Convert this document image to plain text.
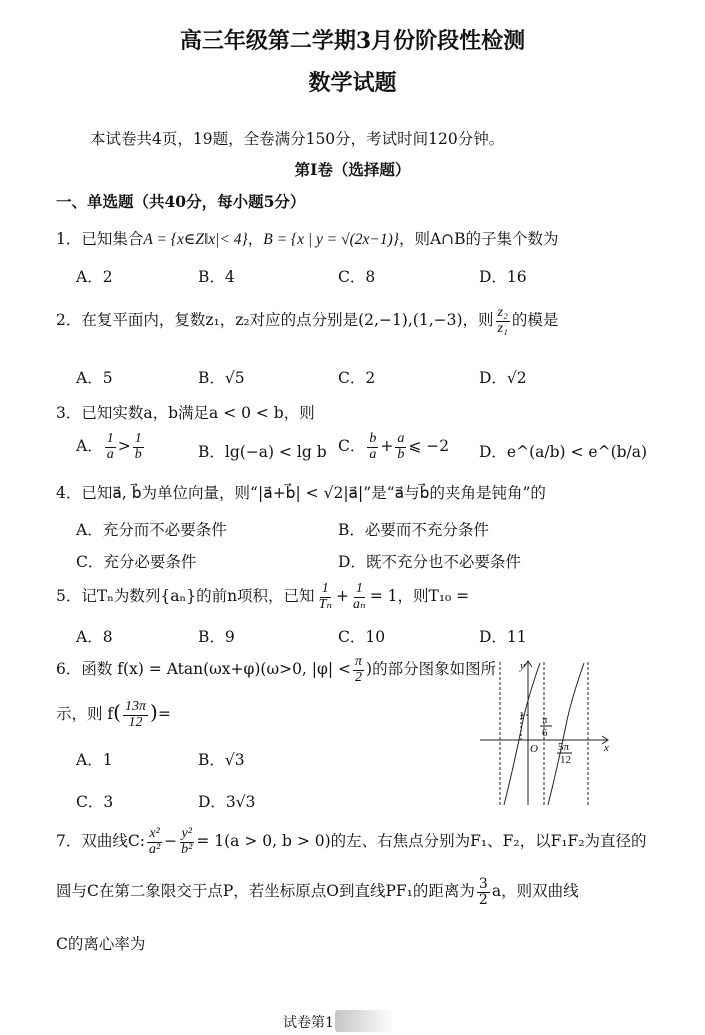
高三年级第二学期3月份阶段性检测
数学试题
本试卷共4页，19题，全卷满分150分，考试时间120分钟。
第I卷（选择题）
一、单选题（共40分，每小题5分）
1．已知集合A = {x∈Z‖x|< 4}，B = {x | y = √(2x−1)}，则A∩B的子集个数为
A．2	B．4	C．8	D．16
2．在复平面内，复数z₁，z₂对应的点分别是(2,−1),(1,−3)，则 $\frac{\text{z₂}}{\text{z₁}}$ 的模是
A．5	B．√5	C．2	D．√2
3．已知实数a，b满足a < 0 < b，则
A． $\frac{1}{a} > \frac{1}{b}$	B．lg(−a) < lg b C． $\frac{b}{a} + \frac{a}{b}$ ⩽ −2 D．e^(a/b) < e^(b/a)
4．已知a⃗, b⃗为单位向量，则“|a⃗+b⃗| < √2|a⃗|”是“a⃗与b⃗的夹角是钝角”的
A．充分而不必要条件	B．必要而不充分条件
C．充分必要条件	D．既不充分也不必要条件
5．记Tₙ为数列{aₙ}的前n项积，已知 $\frac{1}{\text{Tₙ}} + \frac{1}{\text{aₙ}} = 1$，则T₁₀ =
A．8	B．9	C．10	D．11
6．函数 f(x) = Atan(ωx+φ)(ω>0, $|\varphi| < \frac{\pi}{2}$ )的部分图象如图所
示，则 $f( \frac{13\pi}{12}$ )=
A．1	B．√3
C．3	D．3√3
y
x
O
1 π
6
5π
12
7．双曲线C: $\frac{\text{x²}}{\text{a²}} - \frac{\text{y²}}{\text{b²}} = 1(a > 0$, b > 0)的左、右焦点分别为F₁、F₂，以F₁F₂为直径的
圆与C在第二象限交于点P，若坐标原点O到直线PF₁的距离为 $\frac{3}{2}$ a，则双曲线
C的离心率为
试卷第1
